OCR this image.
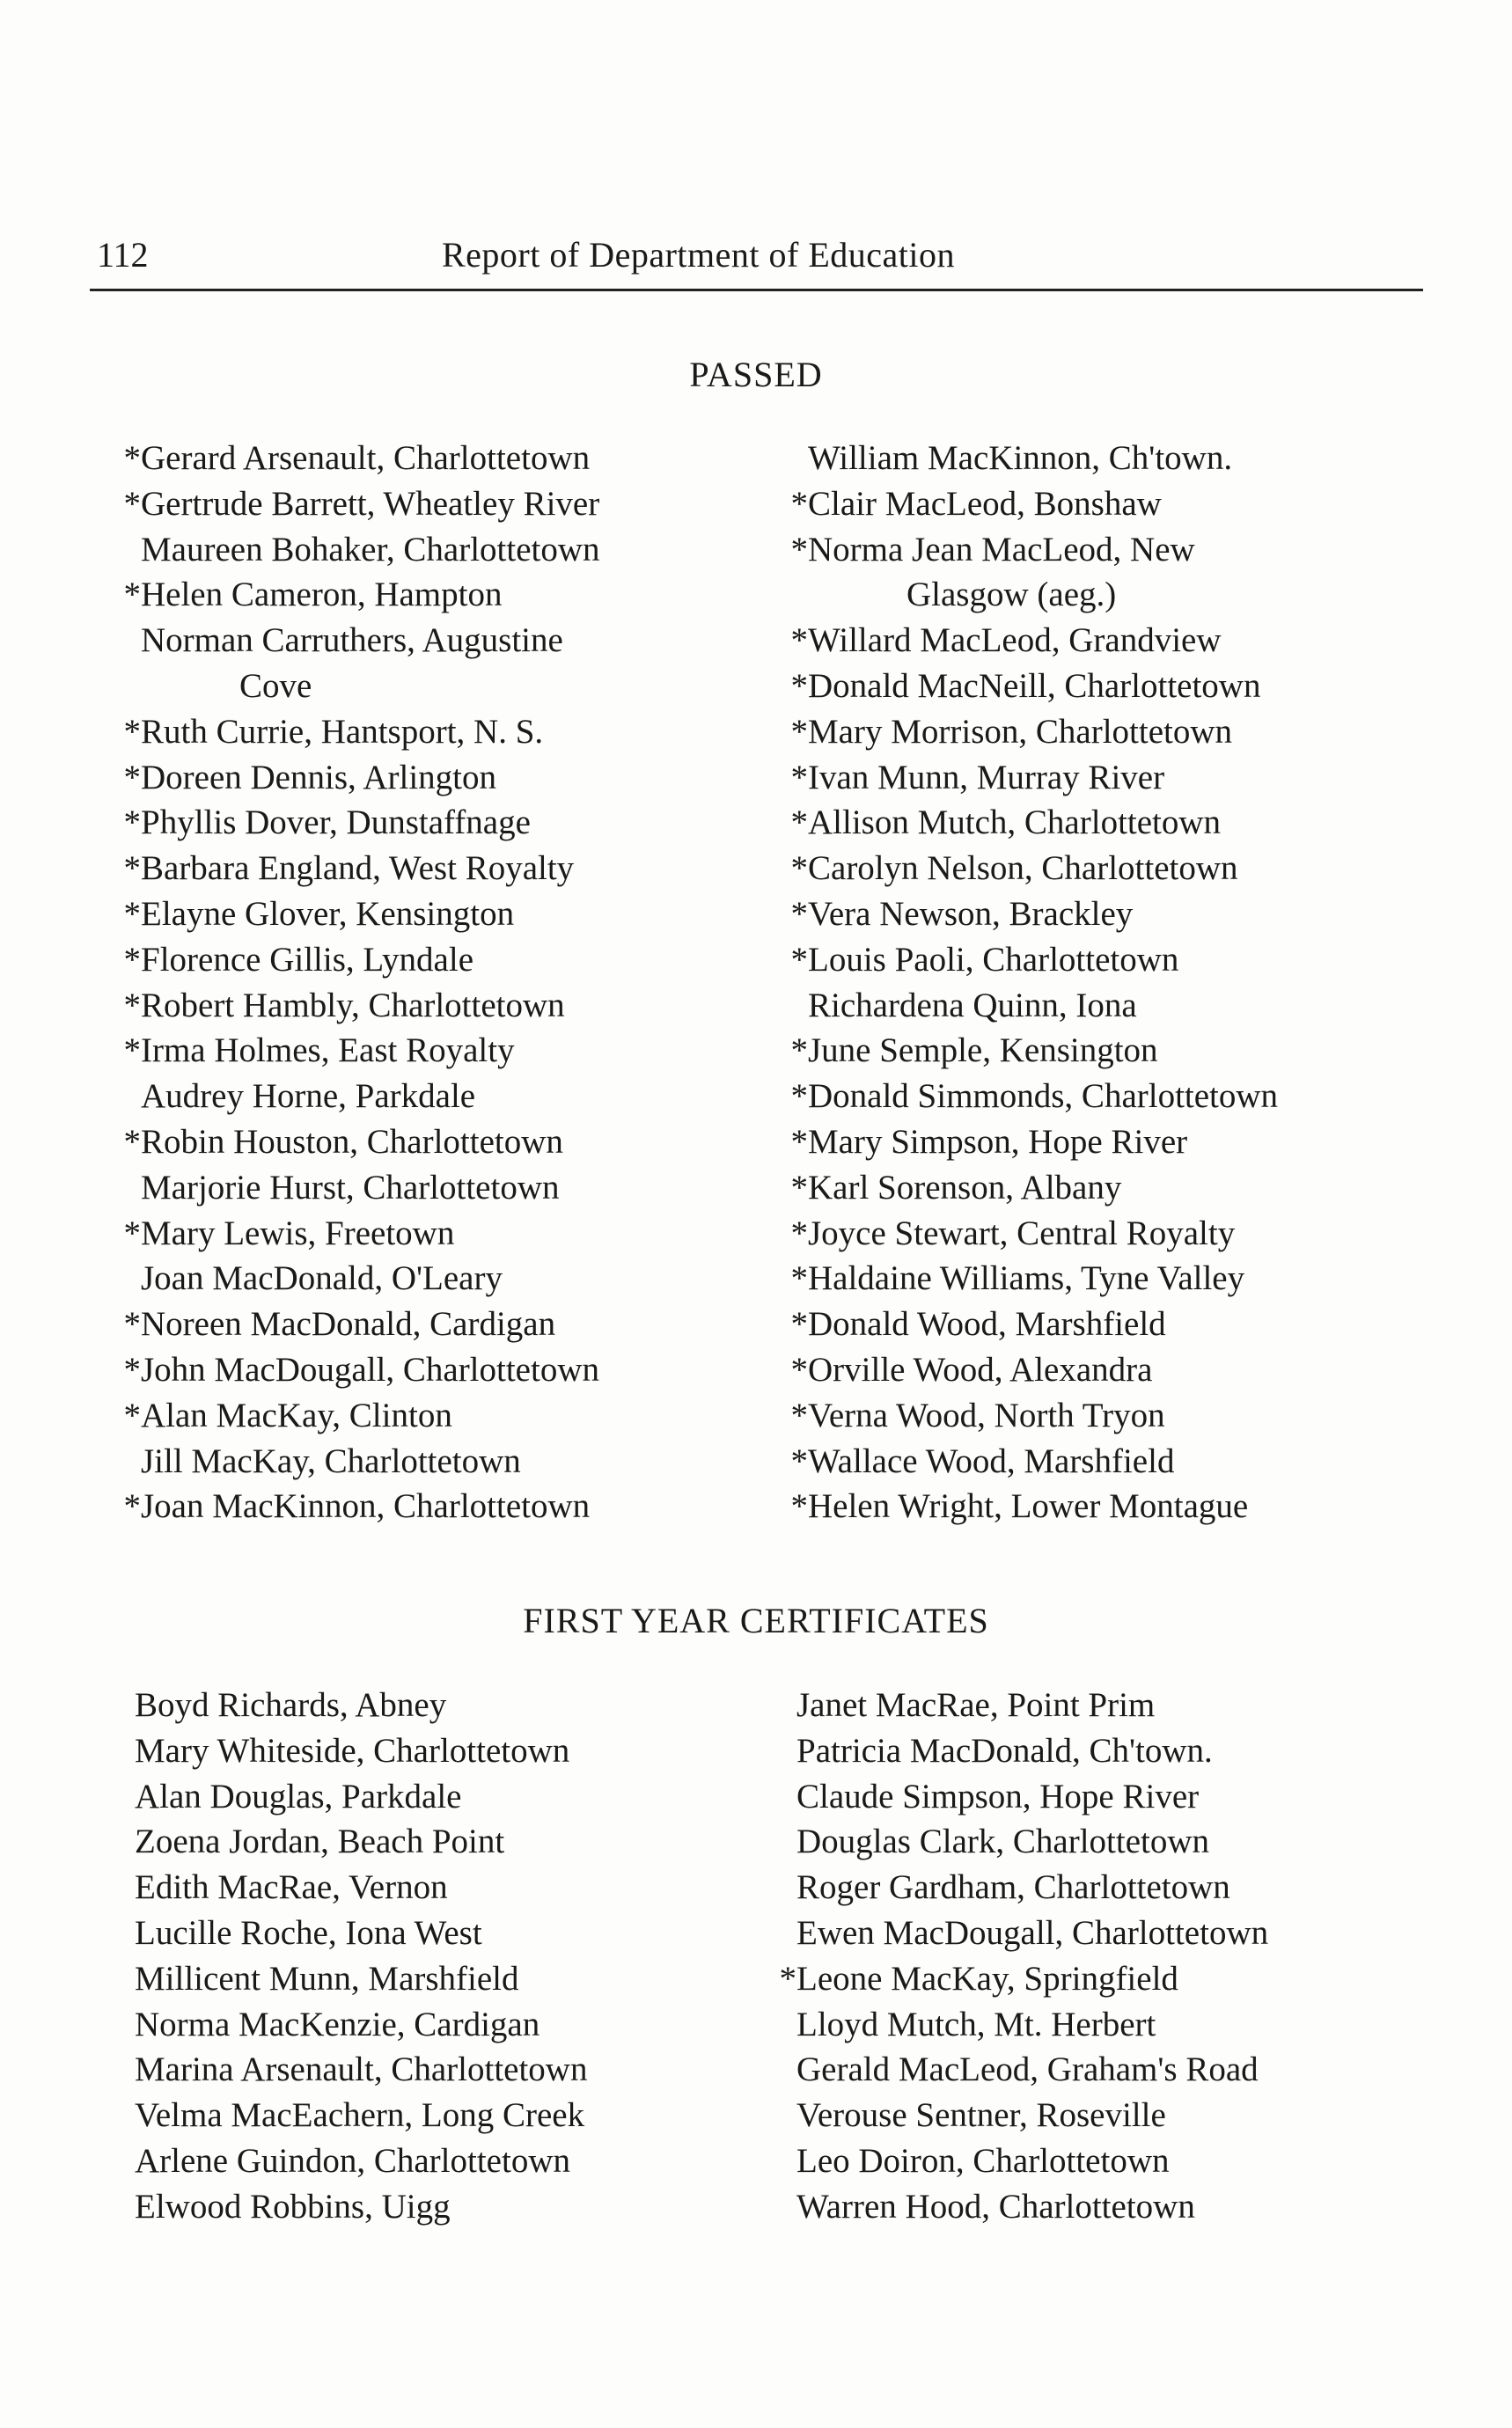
112	Report of Department of Education
PASSED
*Gerard Arsenault, Charlottetown
*Gertrude Barrett, Wheatley River
Maureen Bohaker, Charlottetown
*Helen Cameron, Hampton
Norman Carruthers, Augustine
Cove
*Ruth Currie, Hantsport, N. S.
*Doreen Dennis, Arlington
*Phyllis Dover, Dunstaffnage
*Barbara England, West Royalty
*Elayne Glover, Kensington
*Florence Gillis, Lyndale
*Robert Hambly, Charlottetown
*Irma Holmes, East Royalty
Audrey Horne, Parkdale
*Robin Houston, Charlottetown
Marjorie Hurst, Charlottetown
*Mary Lewis, Freetown
Joan MacDonald, O'Leary
*Noreen MacDonald, Cardigan
*John MacDougall, Charlottetown
*Alan MacKay, Clinton
Jill MacKay, Charlottetown
*Joan MacKinnon, Charlottetown
William MacKinnon, Ch'town.
*Clair MacLeod, Bonshaw
*Norma Jean MacLeod, New
Glasgow (aeg.)
*Willard MacLeod, Grandview
*Donald MacNeill, Charlottetown
*Mary Morrison, Charlottetown
*Ivan Munn, Murray River
*Allison Mutch, Charlottetown
*Carolyn Nelson, Charlottetown
*Vera Newson, Brackley
*Louis Paoli, Charlottetown
Richardena Quinn, Iona
*June Semple, Kensington
*Donald Simmonds, Charlottetown
*Mary Simpson, Hope River
*Karl Sorenson, Albany
*Joyce Stewart, Central Royalty
*Haldaine Williams, Tyne Valley
*Donald Wood, Marshfield
*Orville Wood, Alexandra
*Verna Wood, North Tryon
*Wallace Wood, Marshfield
*Helen Wright, Lower Montague
FIRST YEAR CERTIFICATES
Boyd Richards, Abney
Mary Whiteside, Charlottetown
Alan Douglas, Parkdale
Zoena Jordan, Beach Point
Edith MacRae, Vernon
Lucille Roche, Iona West
Millicent Munn, Marshfield
Norma MacKenzie, Cardigan
Marina Arsenault, Charlottetown
Velma MacEachern, Long Creek
Arlene Guindon, Charlottetown
Elwood Robbins, Uigg
Janet MacRae, Point Prim
Patricia MacDonald, Ch'town.
Claude Simpson, Hope River
Douglas Clark, Charlottetown
Roger Gardham, Charlottetown
Ewen MacDougall, Charlottetown
*Leone MacKay, Springfield
Lloyd Mutch, Mt. Herbert
Gerald MacLeod, Graham's Road
Verouse Sentner, Roseville
Leo Doiron, Charlottetown
Warren Hood, Charlottetown
